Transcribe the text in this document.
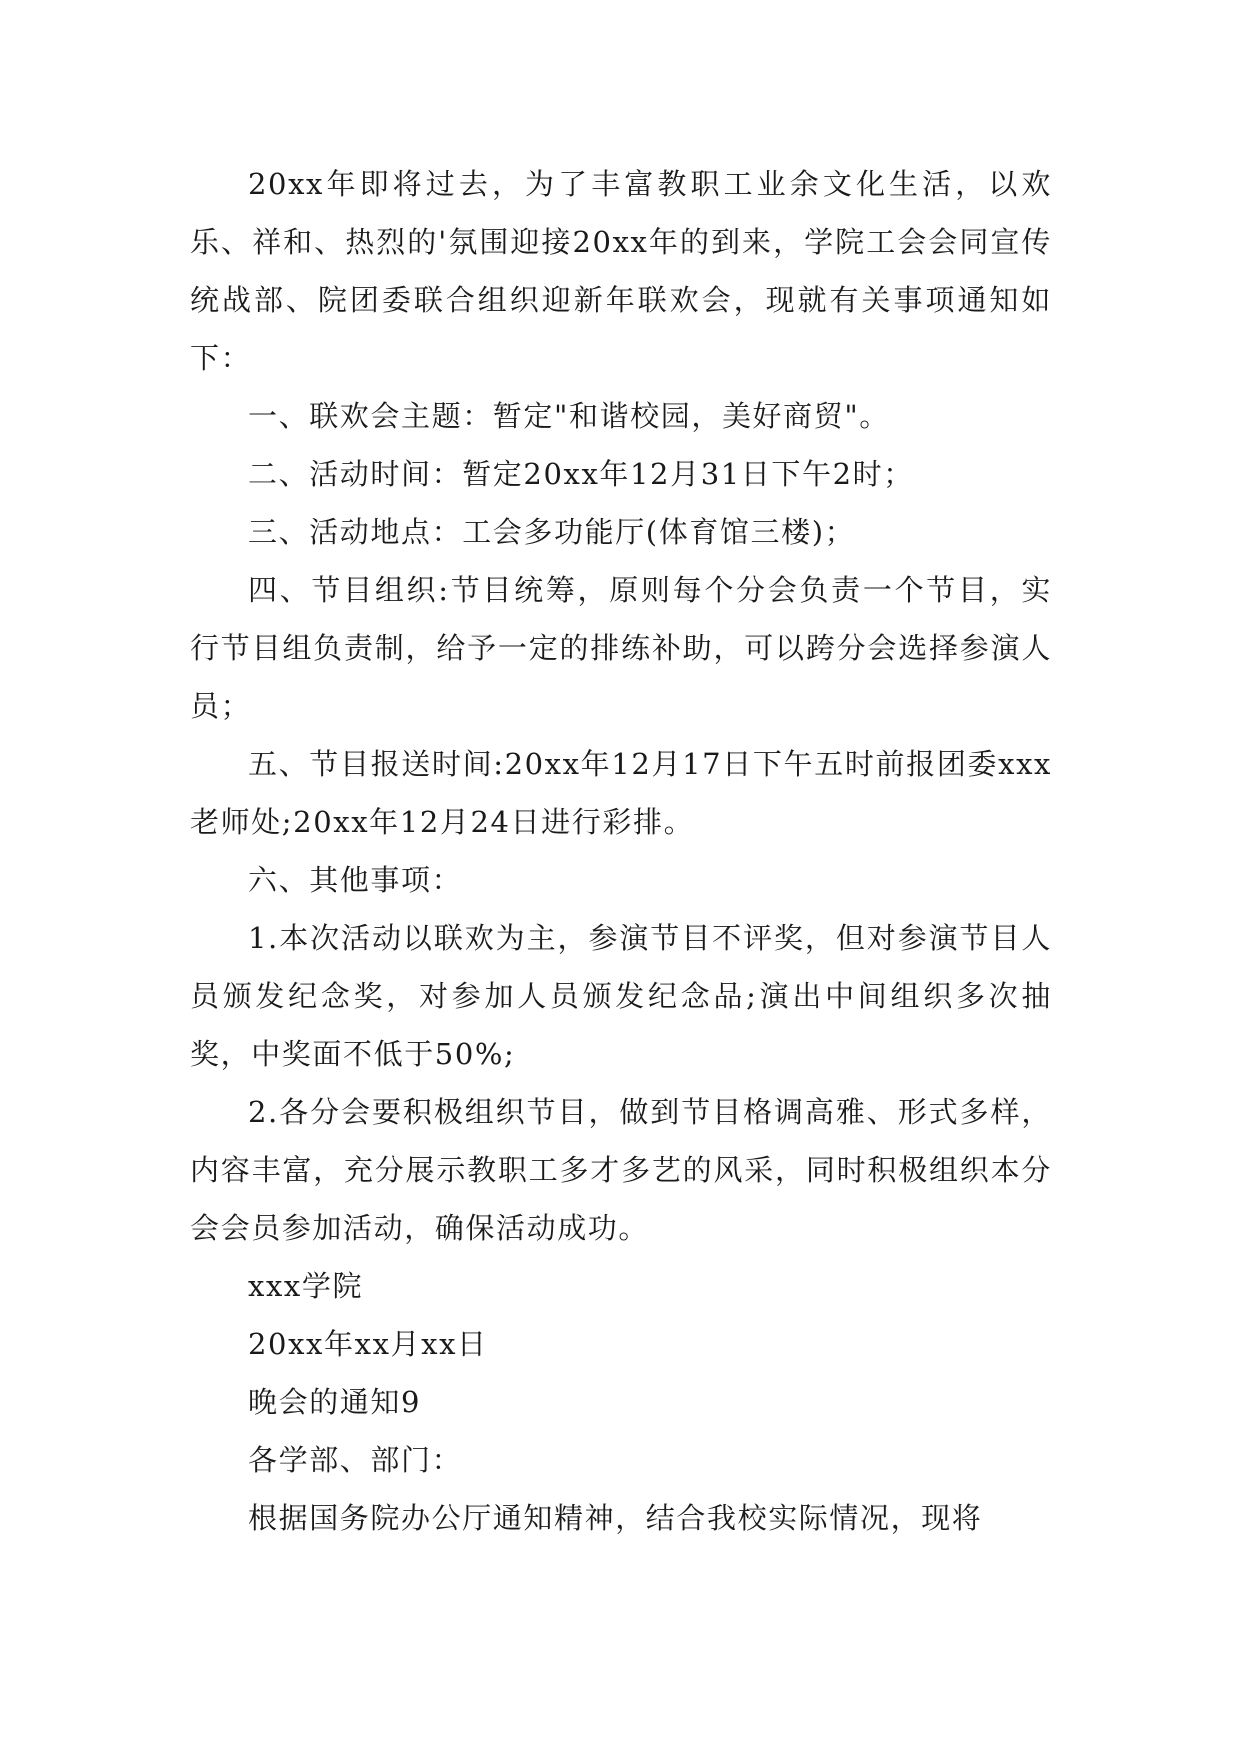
20xx年即将过去，为了丰富教职工业余文化生活，以欢乐、祥和、热烈的'氛围迎接20xx年的到来，学院工会会同宣传统战部、院团委联合组织迎新年联欢会，现就有关事项通知如下：

一、联欢会主题：暂定"和谐校园，美好商贸"。

二、活动时间：暂定20xx年12月31日下午2时；

三、活动地点：工会多功能厅(体育馆三楼)；

四、节目组织:节目统筹，原则每个分会负责一个节目，实行节目组负责制，给予一定的排练补助，可以跨分会选择参演人员；

五、节目报送时间:20xx年12月17日下午五时前报团委xxx老师处;20xx年12月24日进行彩排。

六、其他事项：

1.本次活动以联欢为主，参演节目不评奖，但对参演节目人员颁发纪念奖，对参加人员颁发纪念品;演出中间组织多次抽奖，中奖面不低于50%;

2.各分会要积极组织节目，做到节目格调高雅、形式多样，内容丰富，充分展示教职工多才多艺的风采，同时积极组织本分会会员参加活动，确保活动成功。

xxx学院

20xx年xx月xx日

晚会的通知9

各学部、部门：

根据国务院办公厅通知精神，结合我校实际情况，现将
